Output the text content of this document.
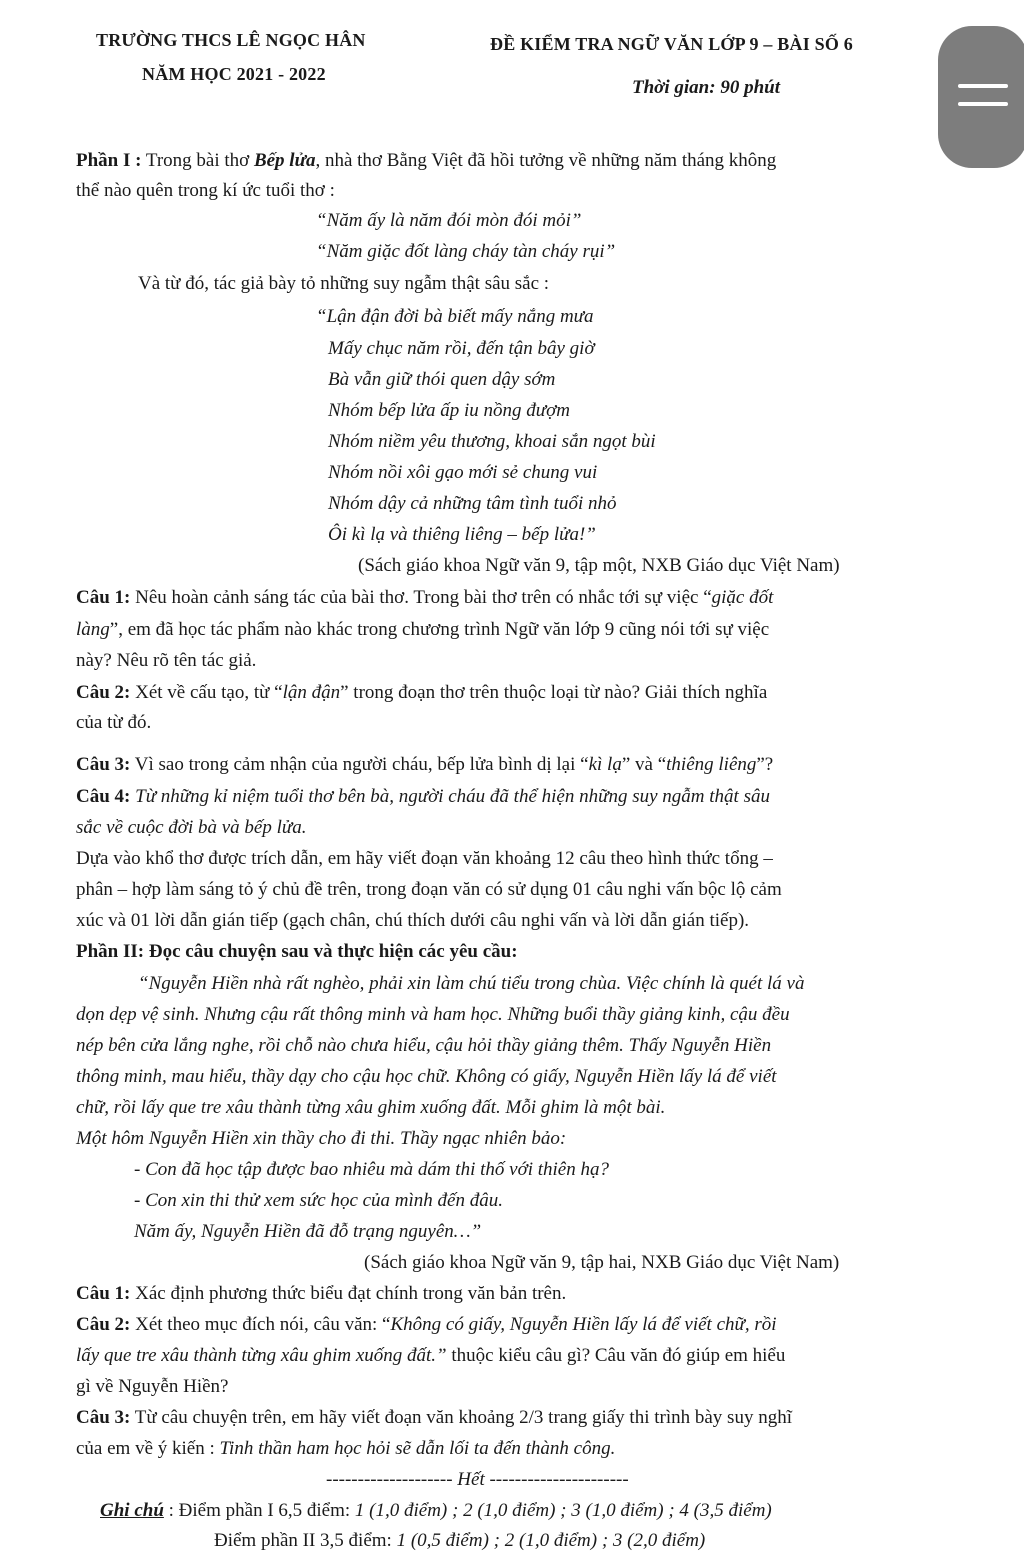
TRƯỜNG THCS LÊ NGỌC HÂN
NĂM HỌC 2021 - 2022
ĐỀ KIỂM TRA NGỮ VĂN LỚP 9 – BÀI SỐ 6
Thời gian: 90 phút
Phần I : Trong bài thơ Bếp lửa, nhà thơ Bằng Việt đã hồi tưởng về những năm tháng không
thể nào quên trong kí ức tuổi thơ :
“Năm ấy là năm đói mòn đói mỏi”
“Năm giặc đốt làng cháy tàn cháy rụi”
Và từ đó, tác giả bày tỏ những suy ngẫm thật sâu sắc :
“Lận đận đời bà biết mấy nắng mưa
Mấy chục năm rồi, đến tận bây giờ
Bà vẫn giữ thói quen dậy sớm
Nhóm bếp lửa ấp iu nồng đượm
Nhóm niềm yêu thương, khoai sắn ngọt bùi
Nhóm nồi xôi gạo mới sẻ chung vui
Nhóm dậy cả những tâm tình tuổi nhỏ
Ôi kì lạ và thiêng liêng – bếp lửa!”
(Sách giáo khoa Ngữ văn 9, tập một, NXB Giáo dục Việt Nam)
Câu 1: Nêu hoàn cảnh sáng tác của bài thơ. Trong bài thơ trên có nhắc tới sự việc “giặc đốt
làng”, em đã học tác phẩm nào khác trong chương trình Ngữ văn lớp 9 cũng nói tới sự việc
này? Nêu rõ tên tác giả.
Câu 2: Xét về cấu tạo, từ “lận đận” trong đoạn thơ trên thuộc loại từ nào? Giải thích nghĩa
của từ đó.
Câu 3: Vì sao trong cảm nhận của người cháu, bếp lửa bình dị lại “kì lạ” và “thiêng liêng”?
Câu 4: Từ những kỉ niệm tuổi thơ bên bà, người cháu đã thể hiện những suy ngẫm thật sâu
sắc về cuộc đời bà và bếp lửa.
Dựa vào khổ thơ được trích dẫn, em hãy viết đoạn văn khoảng 12 câu theo hình thức tổng –
phân – hợp làm sáng tỏ ý chủ đề trên, trong đoạn văn có sử dụng 01 câu nghi vấn bộc lộ cảm
xúc và 01 lời dẫn gián tiếp (gạch chân, chú thích dưới câu nghi vấn và lời dẫn gián tiếp).
Phần II: Đọc câu chuyện sau và thực hiện các yêu cầu:
“Nguyễn Hiền nhà rất nghèo, phải xin làm chú tiểu trong chùa. Việc chính là quét lá và
dọn dẹp vệ sinh. Nhưng cậu rất thông minh và ham học. Những buổi thầy giảng kinh, cậu đều
nép bên cửa lắng nghe, rồi chỗ nào chưa hiểu, cậu hỏi thầy giảng thêm. Thấy Nguyễn Hiền
thông minh, mau hiểu, thầy dạy cho cậu học chữ. Không có giấy, Nguyễn Hiền lấy lá để viết
chữ, rồi lấy que tre xâu thành từng xâu ghim xuống đất. Mỗi ghim là một bài.
Một hôm Nguyễn Hiền xin thầy cho đi thi. Thầy ngạc nhiên bảo:
- Con đã học tập được bao nhiêu mà dám thi thố với thiên hạ?
- Con xin thi thử xem sức học của mình đến đâu.
Năm ấy, Nguyễn Hiền đã đỗ trạng nguyên…”
(Sách giáo khoa Ngữ văn 9, tập hai, NXB Giáo dục Việt Nam)
Câu 1: Xác định phương thức biểu đạt chính trong văn bản trên.
Câu 2: Xét theo mục đích nói, câu văn: “Không có giấy, Nguyễn Hiền lấy lá để viết chữ, rồi
lấy que tre xâu thành từng xâu ghim xuống đất.” thuộc kiểu câu gì? Câu văn đó giúp em hiểu
gì về Nguyễn Hiền?
Câu 3: Từ câu chuyện trên, em hãy viết đoạn văn khoảng 2/3 trang giấy thi trình bày suy nghĩ
của em về ý kiến : Tinh thần ham học hỏi sẽ dẫn lối ta đến thành công.
-------------------- Hết ----------------------
Ghi chú : Điểm phần I 6,5 điểm: 1 (1,0 điểm) ; 2 (1,0 điểm) ; 3 (1,0 điểm) ; 4 (3,5 điểm)
Điểm phần II 3,5 điểm: 1 (0,5 điểm) ; 2 (1,0 điểm) ; 3 (2,0 điểm)
